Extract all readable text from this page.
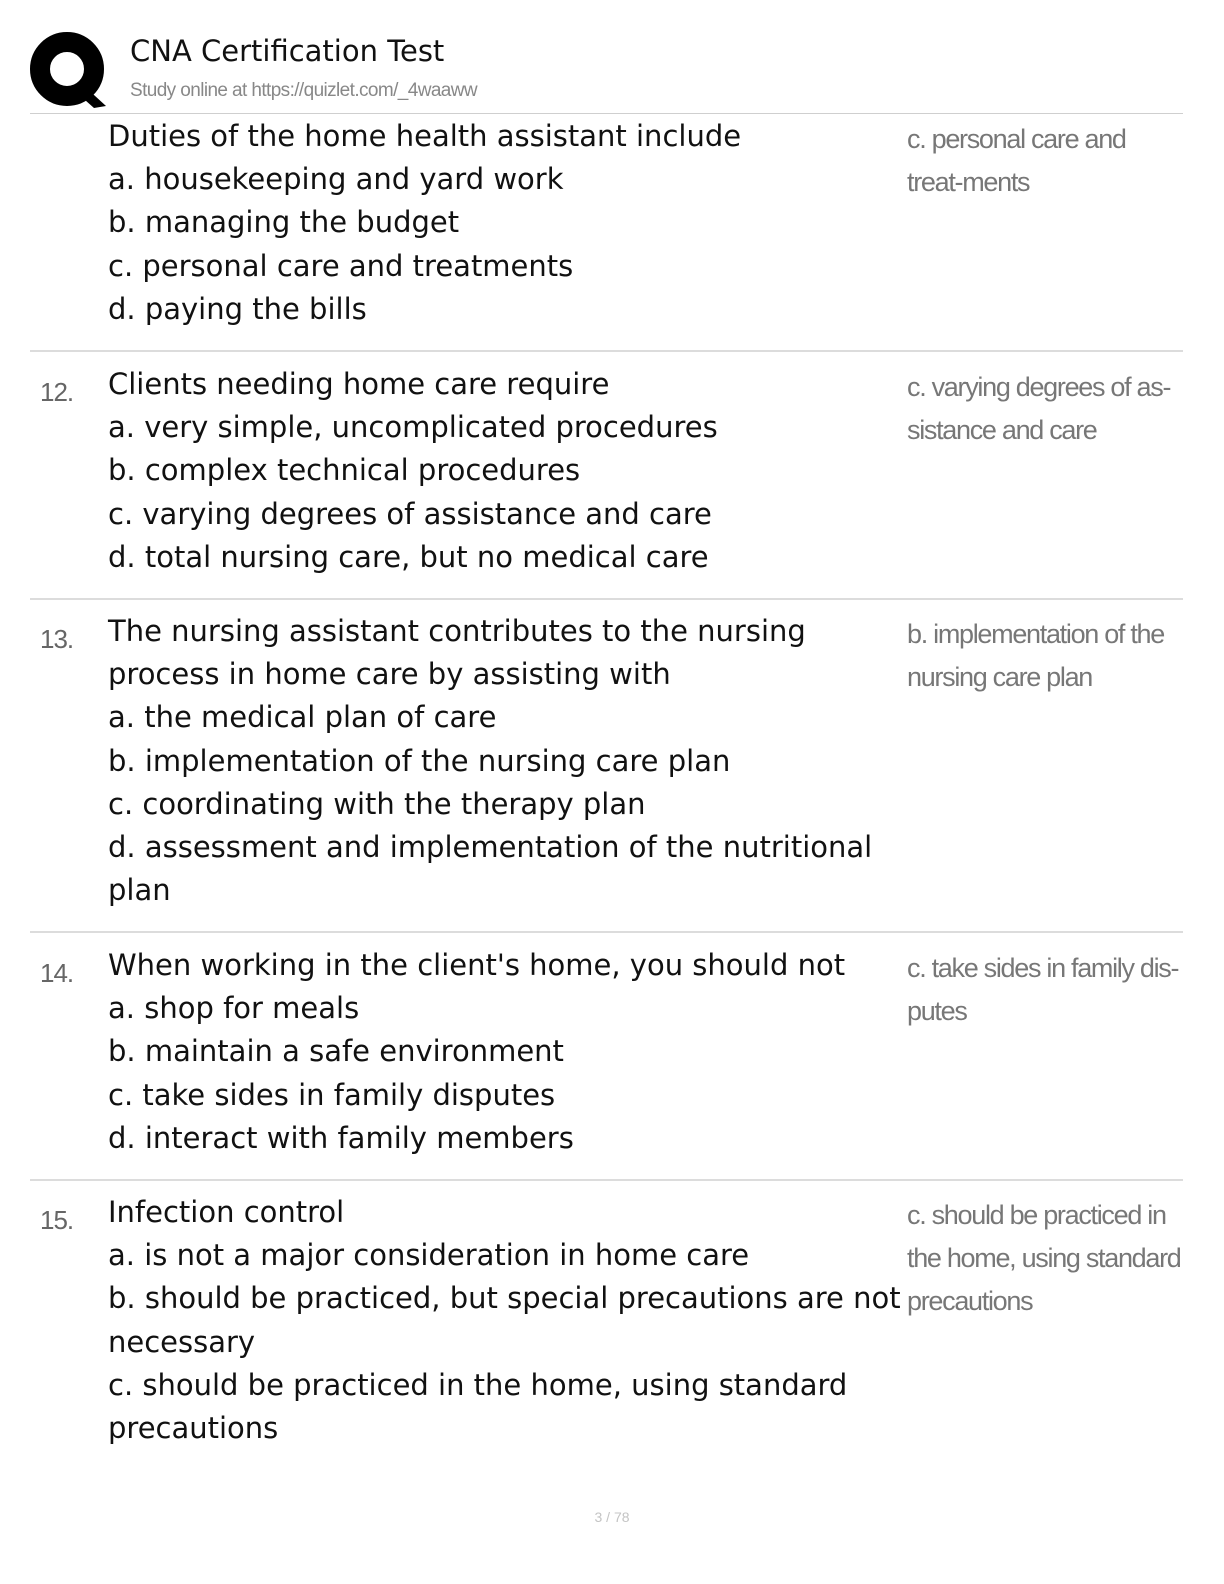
CNA Certification Test
Study online at https://quizlet.com/_4waaww
Duties of the home health assistant include
a. housekeeping and yard work
b. managing the budget
c. personal care and treatments
d. paying the bills
c. personal care and treat-ments
12. Clients needing home care require
a. very simple, uncomplicated procedures
b. complex technical procedures
c. varying degrees of assistance and care
d. total nursing care, but no medical care
c. varying degrees of as-sistance and care
13. The nursing assistant contributes to the nursing process in home care by assisting with
a. the medical plan of care
b. implementation of the nursing care plan
c. coordinating with the therapy plan
d. assessment and implementation of the nutritional plan
b. implementation of the nursing care plan
14. When working in the client's home, you should not
a. shop for meals
b. maintain a safe environment
c. take sides in family disputes
d. interact with family members
c. take sides in family dis-putes
15. Infection control
a. is not a major consideration in home care
b. should be practiced, but special precautions are not necessary
c. should be practiced in the home, using standard precautions
c. should be practiced in the home, using standard precautions
3 / 78
